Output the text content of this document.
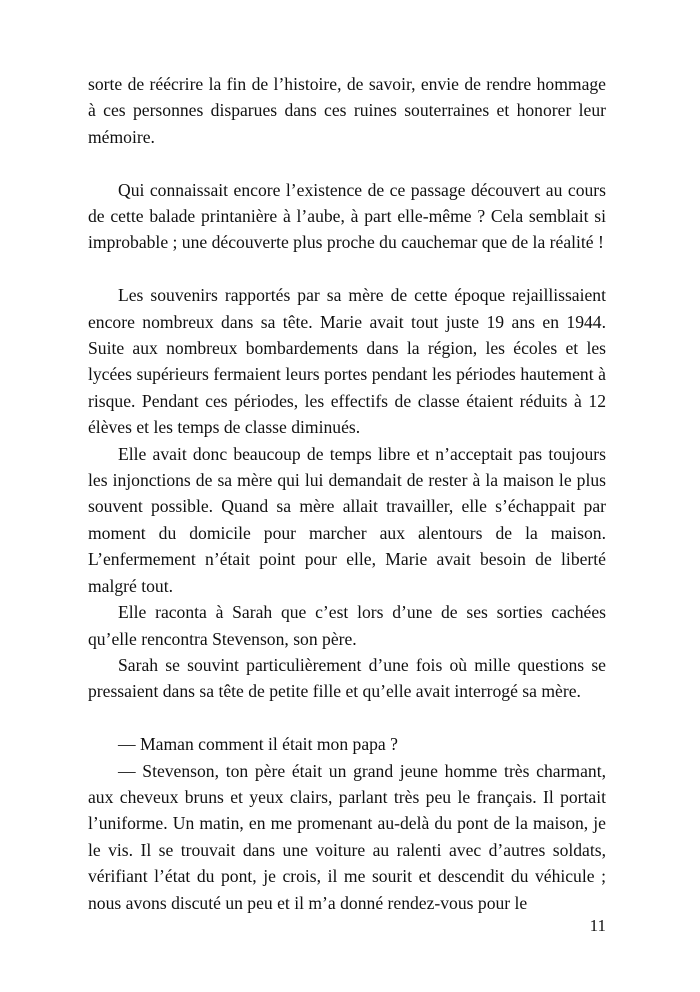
sorte de réécrire la fin de l’histoire, de savoir, envie de rendre hommage à ces personnes disparues dans ces ruines souterraines et honorer leur mémoire.

Qui connaissait encore l’existence de ce passage découvert au cours de cette balade printanière à l’aube, à part elle-même ? Cela semblait si improbable ; une découverte plus proche du cauchemar que de la réalité !

Les souvenirs rapportés par sa mère de cette époque rejaillissaient encore nombreux dans sa tête. Marie avait tout juste 19 ans en 1944. Suite aux nombreux bombardements dans la région, les écoles et les lycées supérieurs fermaient leurs portes pendant les périodes hautement à risque. Pendant ces périodes, les effectifs de classe étaient réduits à 12 élèves et les temps de classe diminués.

Elle avait donc beaucoup de temps libre et n’acceptait pas toujours les injonctions de sa mère qui lui demandait de rester à la maison le plus souvent possible. Quand sa mère allait travailler, elle s’échappait par moment du domicile pour marcher aux alentours de la maison. L’enfermement n’était point pour elle, Marie avait besoin de liberté malgré tout.

Elle raconta à Sarah que c’est lors d’une de ses sorties cachées qu’elle rencontra Stevenson, son père.

Sarah se souvint particulièrement d’une fois où mille questions se pressaient dans sa tête de petite fille et qu’elle avait interrogé sa mère.

— Maman comment il était mon papa ?

— Stevenson, ton père était un grand jeune homme très charmant, aux cheveux bruns et yeux clairs, parlant très peu le français. Il portait l’uniforme. Un matin, en me promenant au-delà du pont de la maison, je le vis. Il se trouvait dans une voiture au ralenti avec d’autres soldats, vérifiant l’état du pont, je crois, il me sourit et descendit du véhicule ; nous avons discuté un peu et il m’a donné rendez-vous pour le

11
